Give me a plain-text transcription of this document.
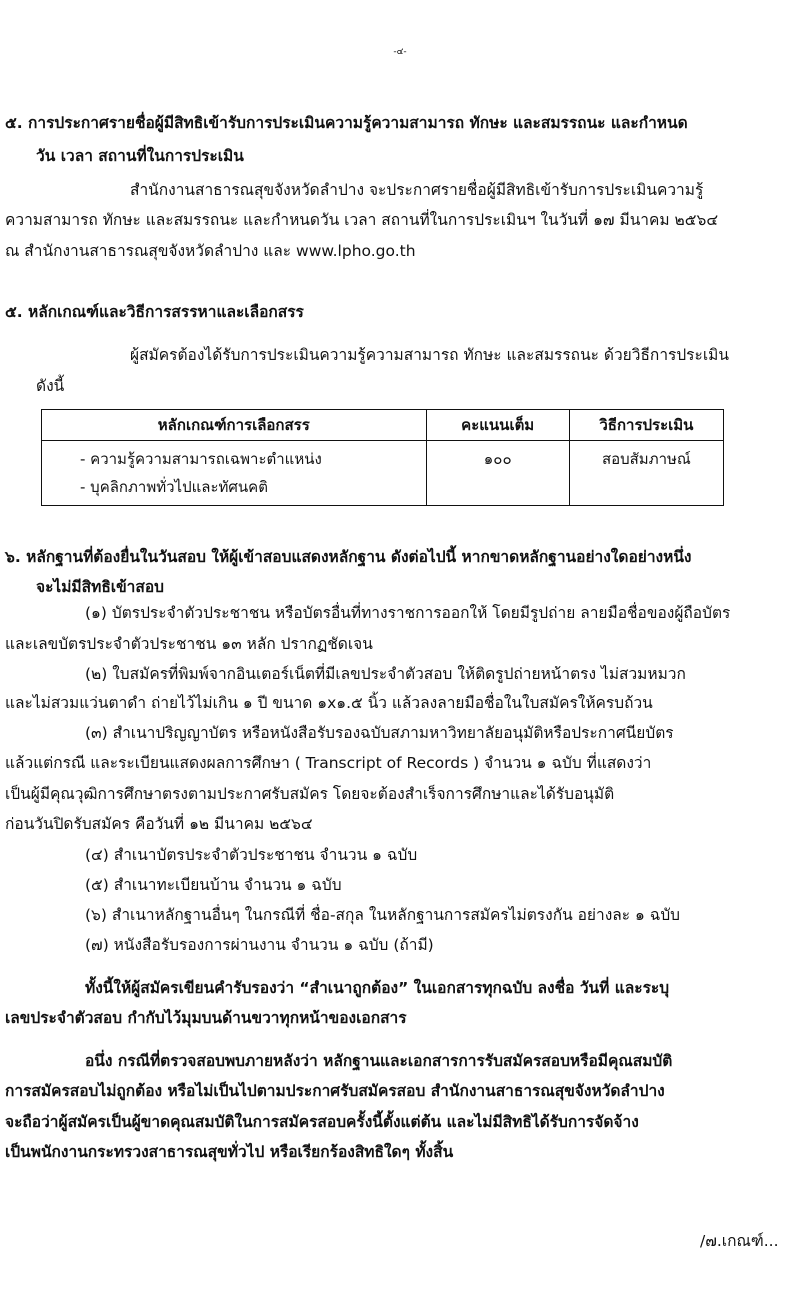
-๔-
๕. การประกาศรายชื่อผู้มีสิทธิเข้ารับการประเมินความรู้ความสามารถ ทักษะ และสมรรถนะ และกำหนด
วัน เวลา สถานที่ในการประเมิน
สำนักงานสาธารณสุขจังหวัดลำปาง จะประกาศรายชื่อผู้มีสิทธิเข้ารับการประเมินความรู้
ความสามารถ ทักษะ และสมรรถนะ และกำหนดวัน เวลา สถานที่ในการประเมินฯ ในวันที่ ๑๗ มีนาคม ๒๕๖๔
ณ สำนักงานสาธารณสุขจังหวัดลำปาง และ www.lpho.go.th
๕. หลักเกณฑ์และวิธีการสรรหาและเลือกสรร
ผู้สมัครต้องได้รับการประเมินความรู้ความสามารถ ทักษะ และสมรรถนะ ด้วยวิธีการประเมิน
ดังนี้
หลักเกณฑ์การเลือกสรร	คะแนนเต็ม	วิธีการประเมิน

- ความรู้ความสามารถเฉพาะตำแหน่ง
- บุคลิกภาพทั่วไปและทัศนคติ	๑๐๐	สอบสัมภาษณ์
๖. หลักฐานที่ต้องยื่นในวันสอบ ให้ผู้เข้าสอบแสดงหลักฐาน ดังต่อไปนี้ หากขาดหลักฐานอย่างใดอย่างหนึ่ง
จะไม่มีสิทธิเข้าสอบ
(๑) บัตรประจำตัวประชาชน หรือบัตรอื่นที่ทางราชการออกให้ โดยมีรูปถ่าย ลายมือชื่อของผู้ถือบัตร
และเลขบัตรประจำตัวประชาชน ๑๓ หลัก ปรากฏชัดเจน
(๒) ใบสมัครที่พิมพ์จากอินเตอร์เน็ตที่มีเลขประจำตัวสอบ ให้ติดรูปถ่ายหน้าตรง ไม่สวมหมวก
และไม่สวมแว่นตาดำ ถ่ายไว้ไม่เกิน ๑ ปี ขนาด ๑x๑.๕ นิ้ว แล้วลงลายมือชื่อในใบสมัครให้ครบถ้วน
(๓) สำเนาปริญญาบัตร หรือหนังสือรับรองฉบับสภามหาวิทยาลัยอนุมัติหรือประกาศนียบัตร
แล้วแต่กรณี และระเบียนแสดงผลการศึกษา ( Transcript of Records ) จำนวน ๑ ฉบับ ที่แสดงว่า
เป็นผู้มีคุณวุฒิการศึกษาตรงตามประกาศรับสมัคร โดยจะต้องสำเร็จการศึกษาและได้รับอนุมัติ
ก่อนวันปิดรับสมัคร คือวันที่ ๑๒ มีนาคม ๒๕๖๔
(๔) สำเนาบัตรประจำตัวประชาชน จำนวน ๑ ฉบับ
(๕) สำเนาทะเบียนบ้าน จำนวน ๑ ฉบับ
(๖) สำเนาหลักฐานอื่นๆ ในกรณีที่ ชื่อ-สกุล ในหลักฐานการสมัครไม่ตรงกัน อย่างละ ๑ ฉบับ
(๗) หนังสือรับรองการผ่านงาน จำนวน ๑ ฉบับ (ถ้ามี)
ทั้งนี้ให้ผู้สมัครเขียนคำรับรองว่า “สำเนาถูกต้อง” ในเอกสารทุกฉบับ ลงชื่อ วันที่ และระบุ
เลขประจำตัวสอบ กำกับไว้มุมบนด้านขวาทุกหน้าของเอกสาร
อนึ่ง กรณีที่ตรวจสอบพบภายหลังว่า หลักฐานและเอกสารการรับสมัครสอบหรือมีคุณสมบัติ
การสมัครสอบไม่ถูกต้อง หรือไม่เป็นไปตามประกาศรับสมัครสอบ สำนักงานสาธารณสุขจังหวัดลำปาง
จะถือว่าผู้สมัครเป็นผู้ขาดคุณสมบัติในการสมัครสอบครั้งนี้ตั้งแต่ต้น และไม่มีสิทธิได้รับการจัดจ้าง
เป็นพนักงานกระทรวงสาธารณสุขทั่วไป หรือเรียกร้องสิทธิใดๆ ทั้งสิ้น
/๗.เกณฑ์...
